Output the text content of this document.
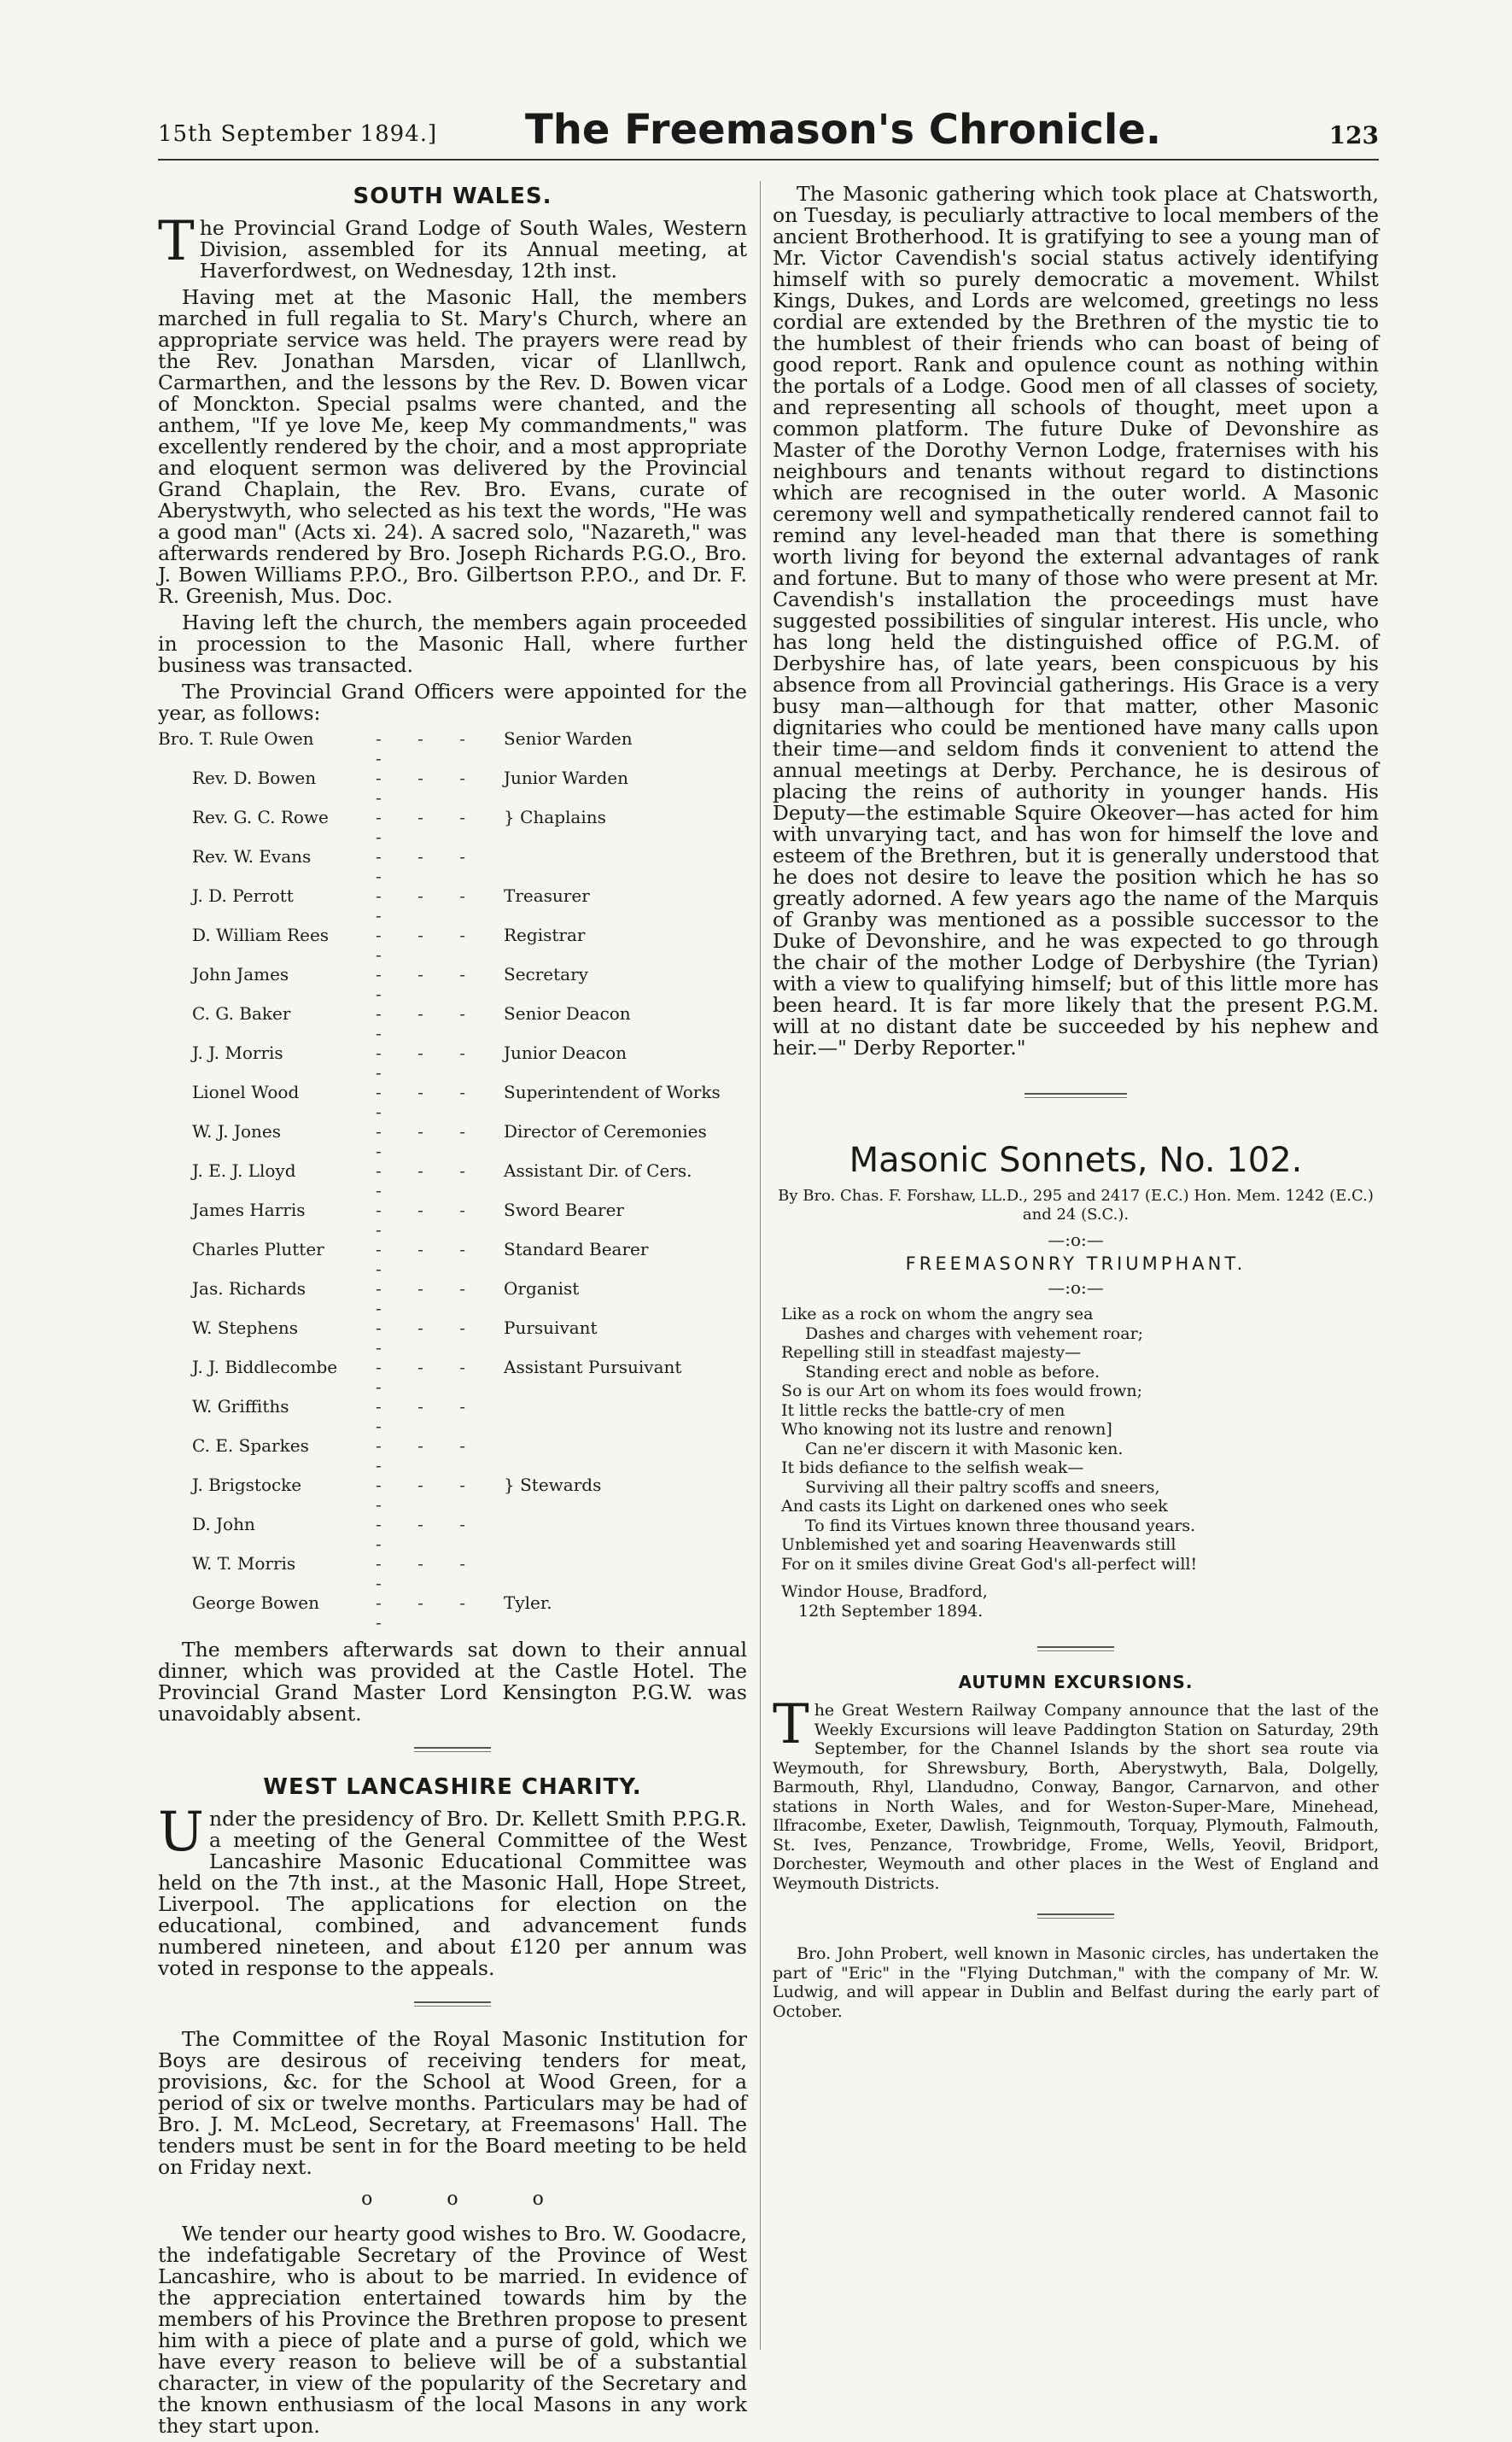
15th September 1894.] The Freemason's Chronicle.	123
SOUTH WALES.

The Provincial Grand Lodge of South Wales, Western Division, assembled for its Annual meeting, at Haverfordwest, on Wednesday, 12th inst.

Having met at the Masonic Hall, the members marched in full regalia to St. Mary's Church, where an appropriate service was held. The prayers were read by the Rev. Jonathan Marsden, vicar of Llanllwch, Carmarthen, and the lessons by the Rev. D. Bowen vicar of Monckton. Special psalms were chanted, and the anthem, "If ye love Me, keep My commandments," was excellently rendered by the choir, and a most appropriate and eloquent sermon was delivered by the Provincial Grand Chaplain, the Rev. Bro. Evans, curate of Aberystwyth, who selected as his text the words, "He was a good man" (Acts xi. 24). A sacred solo, "Nazareth," was afterwards rendered by Bro. Joseph Richards P.G.O., Bro. J. Bowen Williams P.P.O., Bro. Gilbertson P.P.O., and Dr. F. R. Greenish, Mus. Doc.

Having left the church, the members again proceeded in procession to the Masonic Hall, where further business was transacted.

The Provincial Grand Officers were appointed for the year, as follows:

Bro. T. Rule Owen	- - - -	Senior Warden
Rev. D. Bowen	- - - -	Junior Warden
Rev. G. C. Rowe	- - - -	} Chaplains
Rev. W. Evans	- - - -	
J. D. Perrott	- - - -	Treasurer
D. William Rees	- - - -	Registrar
John James	- - - -	Secretary
C. G. Baker	- - - -	Senior Deacon
J. J. Morris	- - - -	Junior Deacon
Lionel Wood	- - - -	Superintendent of Works
W. J. Jones	- - - -	Director of Ceremonies
J. E. J. Lloyd	- - - -	Assistant Dir. of Cers.
James Harris	- - - -	Sword Bearer
Charles Plutter	- - - -	Standard Bearer
Jas. Richards	- - - -	Organist
W. Stephens	- - - -	Pursuivant
J. J. Biddlecombe	- - - -	Assistant Pursuivant
W. Griffiths	- - - -	
C. E. Sparkes	- - - -	
J. Brigstocke	- - - -	} Stewards
D. John	- - - -	
W. T. Morris	- - - -	
George Bowen	- - - -	Tyler.

The members afterwards sat down to their annual dinner, which was provided at the Castle Hotel. The Provincial Grand Master Lord Kensington P.G.W. was unavoidably absent.

WEST LANCASHIRE CHARITY.

Under the presidency of Bro. Dr. Kellett Smith P.P.G.R. a meeting of the General Committee of the West Lancashire Masonic Educational Committee was held on the 7th inst., at the Masonic Hall, Hope Street, Liverpool. The applications for election on the educational, combined, and advancement funds numbered nineteen, and about £120 per annum was voted in response to the appeals.

The Committee of the Royal Masonic Institution for Boys are desirous of receiving tenders for meat, provisions, &c. for the School at Wood Green, for a period of six or twelve months. Particulars may be had of Bro. J. M. McLeod, Secretary, at Freemasons' Hall. The tenders must be sent in for the Board meeting to be held on Friday next.

o o o

We tender our hearty good wishes to Bro. W. Goodacre, the indefatigable Secretary of the Province of West Lancashire, who is about to be married. In evidence of the appreciation entertained towards him by the members of his Province the Brethren propose to present him with a piece of plate and a purse of gold, which we have every reason to believe will be of a substantial character, in view of the popularity of the Secretary and the known enthusiasm of the local Masons in any work they start upon.

The Masonic gathering which took place at Chatsworth, on Tuesday, is peculiarly attractive to local members of the ancient Brotherhood. It is gratifying to see a young man of Mr. Victor Cavendish's social status actively identifying himself with so purely democratic a movement. Whilst Kings, Dukes, and Lords are welcomed, greetings no less cordial are extended by the Brethren of the mystic tie to the humblest of their friends who can boast of being of good report. Rank and opulence count as nothing within the portals of a Lodge. Good men of all classes of society, and representing all schools of thought, meet upon a common platform. The future Duke of Devonshire as Master of the Dorothy Vernon Lodge, fraternises with his neighbours and tenants without regard to distinctions which are recognised in the outer world. A Masonic ceremony well and sympathetically rendered cannot fail to remind any level-headed man that there is something worth living for beyond the external advantages of rank and fortune. But to many of those who were present at Mr. Cavendish's installation the proceedings must have suggested possibilities of singular interest. His uncle, who has long held the distinguished office of P.G.M. of Derbyshire has, of late years, been conspicuous by his absence from all Provincial gatherings. His Grace is a very busy man—although for that matter, other Masonic dignitaries who could be mentioned have many calls upon their time—and seldom finds it convenient to attend the annual meetings at Derby. Perchance, he is desirous of placing the reins of authority in younger hands. His Deputy—the estimable Squire Okeover—has acted for him with unvarying tact, and has won for himself the love and esteem of the Brethren, but it is generally understood that he does not desire to leave the position which he has so greatly adorned. A few years ago the name of the Marquis of Granby was mentioned as a possible successor to the Duke of Devonshire, and he was expected to go through the chair of the mother Lodge of Derbyshire (the Tyrian) with a view to qualifying himself; but of this little more has been heard. It is far more likely that the present P.G.M. will at no distant date be succeeded by his nephew and heir.—" Derby Reporter."

Masonic Sonnets, No. 102.
By Bro. Chas. F. Forshaw, LL.D., 295 and 2417 (E.C.) Hon. Mem. 1242 (E.C.) and 24 (S.C.).
—:o:—
FREEMASONRY TRIUMPHANT.
—:o:—
Like as a rock on whom the angry sea
Dashes and charges with vehement roar;
Repelling still in steadfast majesty—
Standing erect and noble as before.
So is our Art on whom its foes would frown;
It little recks the battle-cry of men
Who knowing not its lustre and renown]
Can ne'er discern it with Masonic ken.
It bids defiance to the selfish weak—
Surviving all their paltry scoffs and sneers,
And casts its Light on darkened ones who seek
To find its Virtues known three thousand years.
Unblemished yet and soaring Heavenwards still
For on it smiles divine Great God's all-perfect will!
Windor House, Bradford,
12th September 1894.
AUTUMN EXCURSIONS.

The Great Western Railway Company announce that the last of the Weekly Excursions will leave Paddington Station on Saturday, 29th September, for the Channel Islands by the short sea route via Weymouth, for Shrewsbury, Borth, Aberystwyth, Bala, Dolgelly, Barmouth, Rhyl, Llandudno, Conway, Bangor, Carnarvon, and other stations in North Wales, and for Weston-Super-Mare, Minehead, Ilfracombe, Exeter, Dawlish, Teignmouth, Torquay, Plymouth, Falmouth, St. Ives, Penzance, Trowbridge, Frome, Wells, Yeovil, Bridport, Dorchester, Weymouth and other places in the West of England and Weymouth Districts.

Bro. John Probert, well known in Masonic circles, has undertaken the part of "Eric" in the "Flying Dutchman," with the company of Mr. W. Ludwig, and will appear in Dublin and Belfast during the early part of October.
